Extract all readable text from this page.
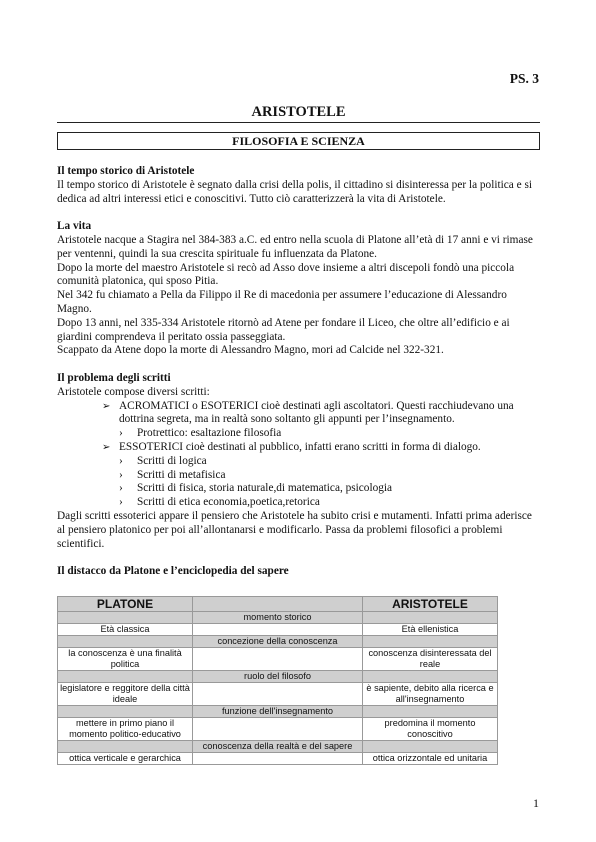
PS. 3
ARISTOTELE
FILOSOFIA E SCIENZA

Il tempo storico di Aristotele

Il tempo storico di Aristotele è segnato dalla crisi della polis, il cittadino si disinteressa per la politica e si dedica ad altri interessi etici e conoscitivi. Tutto ciò caratterizzerà la vita di Aristotele.

La vita

Aristotele nacque a Stagira nel 384-383 a.C. ed entro nella scuola di Platone all’età di 17 anni e vi rimase per ventenni, quindi la sua crescita spirituale fu influenzata da Platone.

Dopo la morte del maestro Aristotele si recò ad Asso dove insieme a altri discepoli fondò una piccola comunità platonica, qui sposo Pitia.

Nel 342 fu chiamato a Pella da Filippo il Re di macedonia per assumere l’educazione di Alessandro Magno.

Dopo 13 anni, nel 335-334 Aristotele ritornò ad Atene per fondare il Liceo, che oltre all’edificio e ai giardini comprendeva il peritato ossia passeggiata.

Scappato da Atene dopo la morte di Alessandro Magno, mori ad Calcide nel 322-321.

Il problema degli scritti

Aristotele compose diversi scritti:

➢ ACROMATICI o ESOTERICI cioè destinati agli ascoltatori. Questi racchiudevano una dottrina segreta, ma in realtà sono soltanto gli appunti per l’insegnamento.
› Protrettico: esaltazione filosofia
➢ ESSOTERICI cioè destinati al pubblico, infatti erano scritti in forma di dialogo.
› Scritti di logica
› Scritti di metafisica
› Scritti di fisica, storia naturale,di matematica, psicologia
› Scritti di etica economia,poetica,retorica

Dagli scritti essoterici appare il pensiero che Aristotele ha subito crisi e mutamenti. Infatti prima aderisce al pensiero platonico per poi all’allontanarsi e modificarlo. Passa da problemi filosofici a problemi scientifici.

Il distacco da Platone e l’enciclopedia del sapere

PLATONE		ARISTOTELE
	momento storico	
Età classica		Età ellenistica
	concezione della conoscenza	
la conoscenza è una finalità politica		conoscenza disinteressata del reale
	ruolo del filosofo	
legislatore e reggitore della città ideale		è sapiente, debito alla ricerca e all'insegnamento
	funzione dell'insegnamento	
mettere in primo piano il momento politico-educativo		predomina il momento conoscitivo
	conoscenza della realtà e del sapere	
ottica verticale e gerarchica		ottica orizzontale ed unitaria
1
